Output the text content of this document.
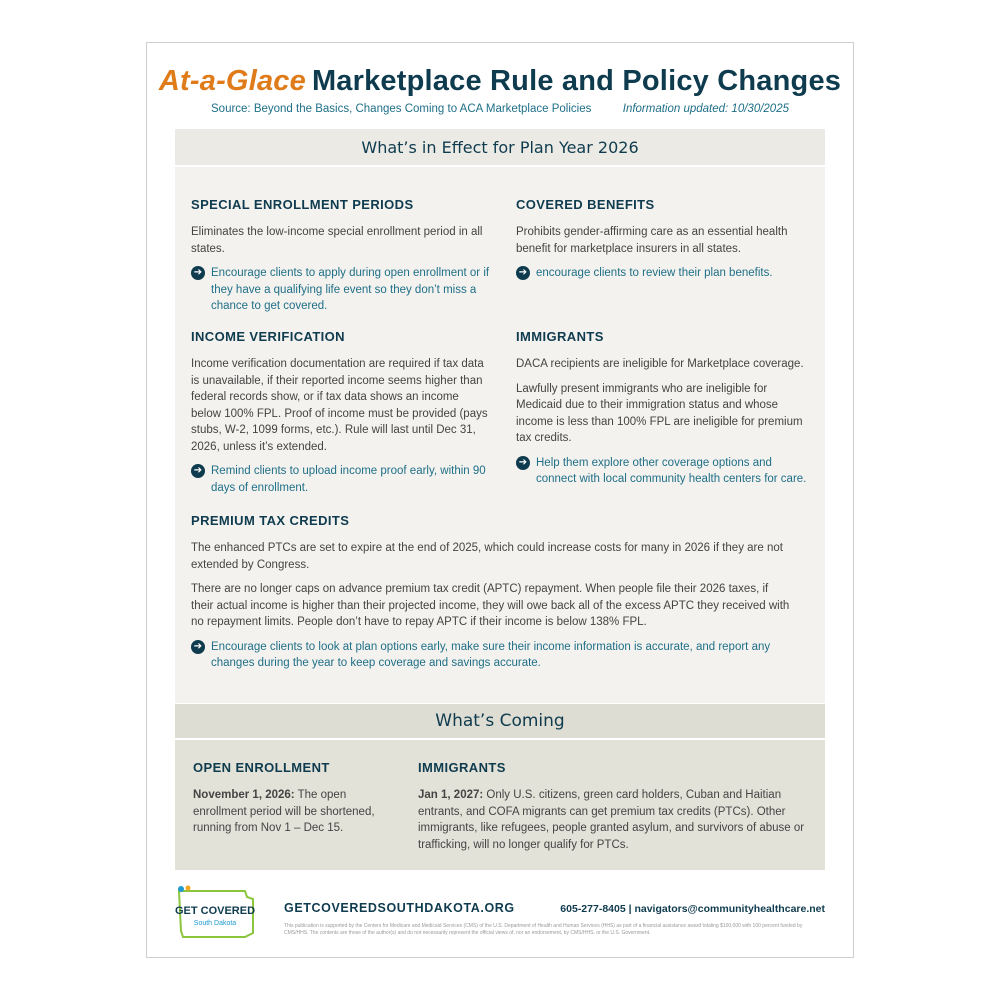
At-a-Glace Marketplace Rule and Policy Changes
Source: Beyond the Basics, Changes Coming to ACA Marketplace Policies	Information updated: 10/30/2025
What’s in Effect for Plan Year 2026
SPECIAL ENROLLMENT PERIODS

Eliminates the low-income special enrollment period in all states.

➔ Encourage clients to apply during open enrollment or if they have a qualifying life event so they don’t miss a chance to get covered.
COVERED BENEFITS

Prohibits gender-affirming care as an essential health benefit for marketplace insurers in all states.

➔ encourage clients to review their plan benefits.
INCOME VERIFICATION

Income verification documentation are required if tax data is unavailable, if their reported income seems higher than federal records show, or if tax data shows an income below 100% FPL. Proof of income must be provided (pays stubs, W-2, 1099 forms, etc.). Rule will last until Dec 31, 2026, unless it’s extended.

➔ Remind clients to upload income proof early, within 90 days of enrollment.
IMMIGRANTS

DACA recipients are ineligible for Marketplace coverage.

Lawfully present immigrants who are ineligible for Medicaid due to their immigration status and whose income is less than 100% FPL are ineligible for premium tax credits.

➔ Help them explore other coverage options and connect with local community health centers for care.
PREMIUM TAX CREDITS

The enhanced PTCs are set to expire at the end of 2025, which could increase costs for many in 2026 if they are not extended by Congress.

There are no longer caps on advance premium tax credit (APTC) repayment. When people file their 2026 taxes, if their actual income is higher than their projected income, they will owe back all of the excess APTC they received with no repayment limits. People don’t have to repay APTC if their income is below 138% FPL.

➔ Encourage clients to look at plan options early, make sure their income information is accurate, and report any changes during the year to keep coverage and savings accurate.
What’s Coming
OPEN ENROLLMENT

November 1, 2026: The open enrollment period will be shortened, running from Nov 1 – Dec 15.

IMMIGRANTS

Jan 1, 2027: Only U.S. citizens, green card holders, Cuban and Haitian entrants, and COFA migrants can get premium tax credits (PTCs). Other immigrants, like refugees, people granted asylum, and survivors of abuse or trafficking, will no longer qualify for PTCs.

GET COVERED
South Dakota
GETCOVEREDSOUTHDAKOTA.ORG	605-277-8405 | navigators@communityhealthcare.net
This publication is supported by the Centers for Medicare and Medicaid Services (CMS) of the U.S. Department of Health and Human Services (HHS) as part of a financial assistance award totaling $100,000 with 100 percent funded by CMS/HHS. The contents are those of the author(s) and do not necessarily represent the official views of, nor an endorsement, by CMS/HHS, or the U.S. Government.
